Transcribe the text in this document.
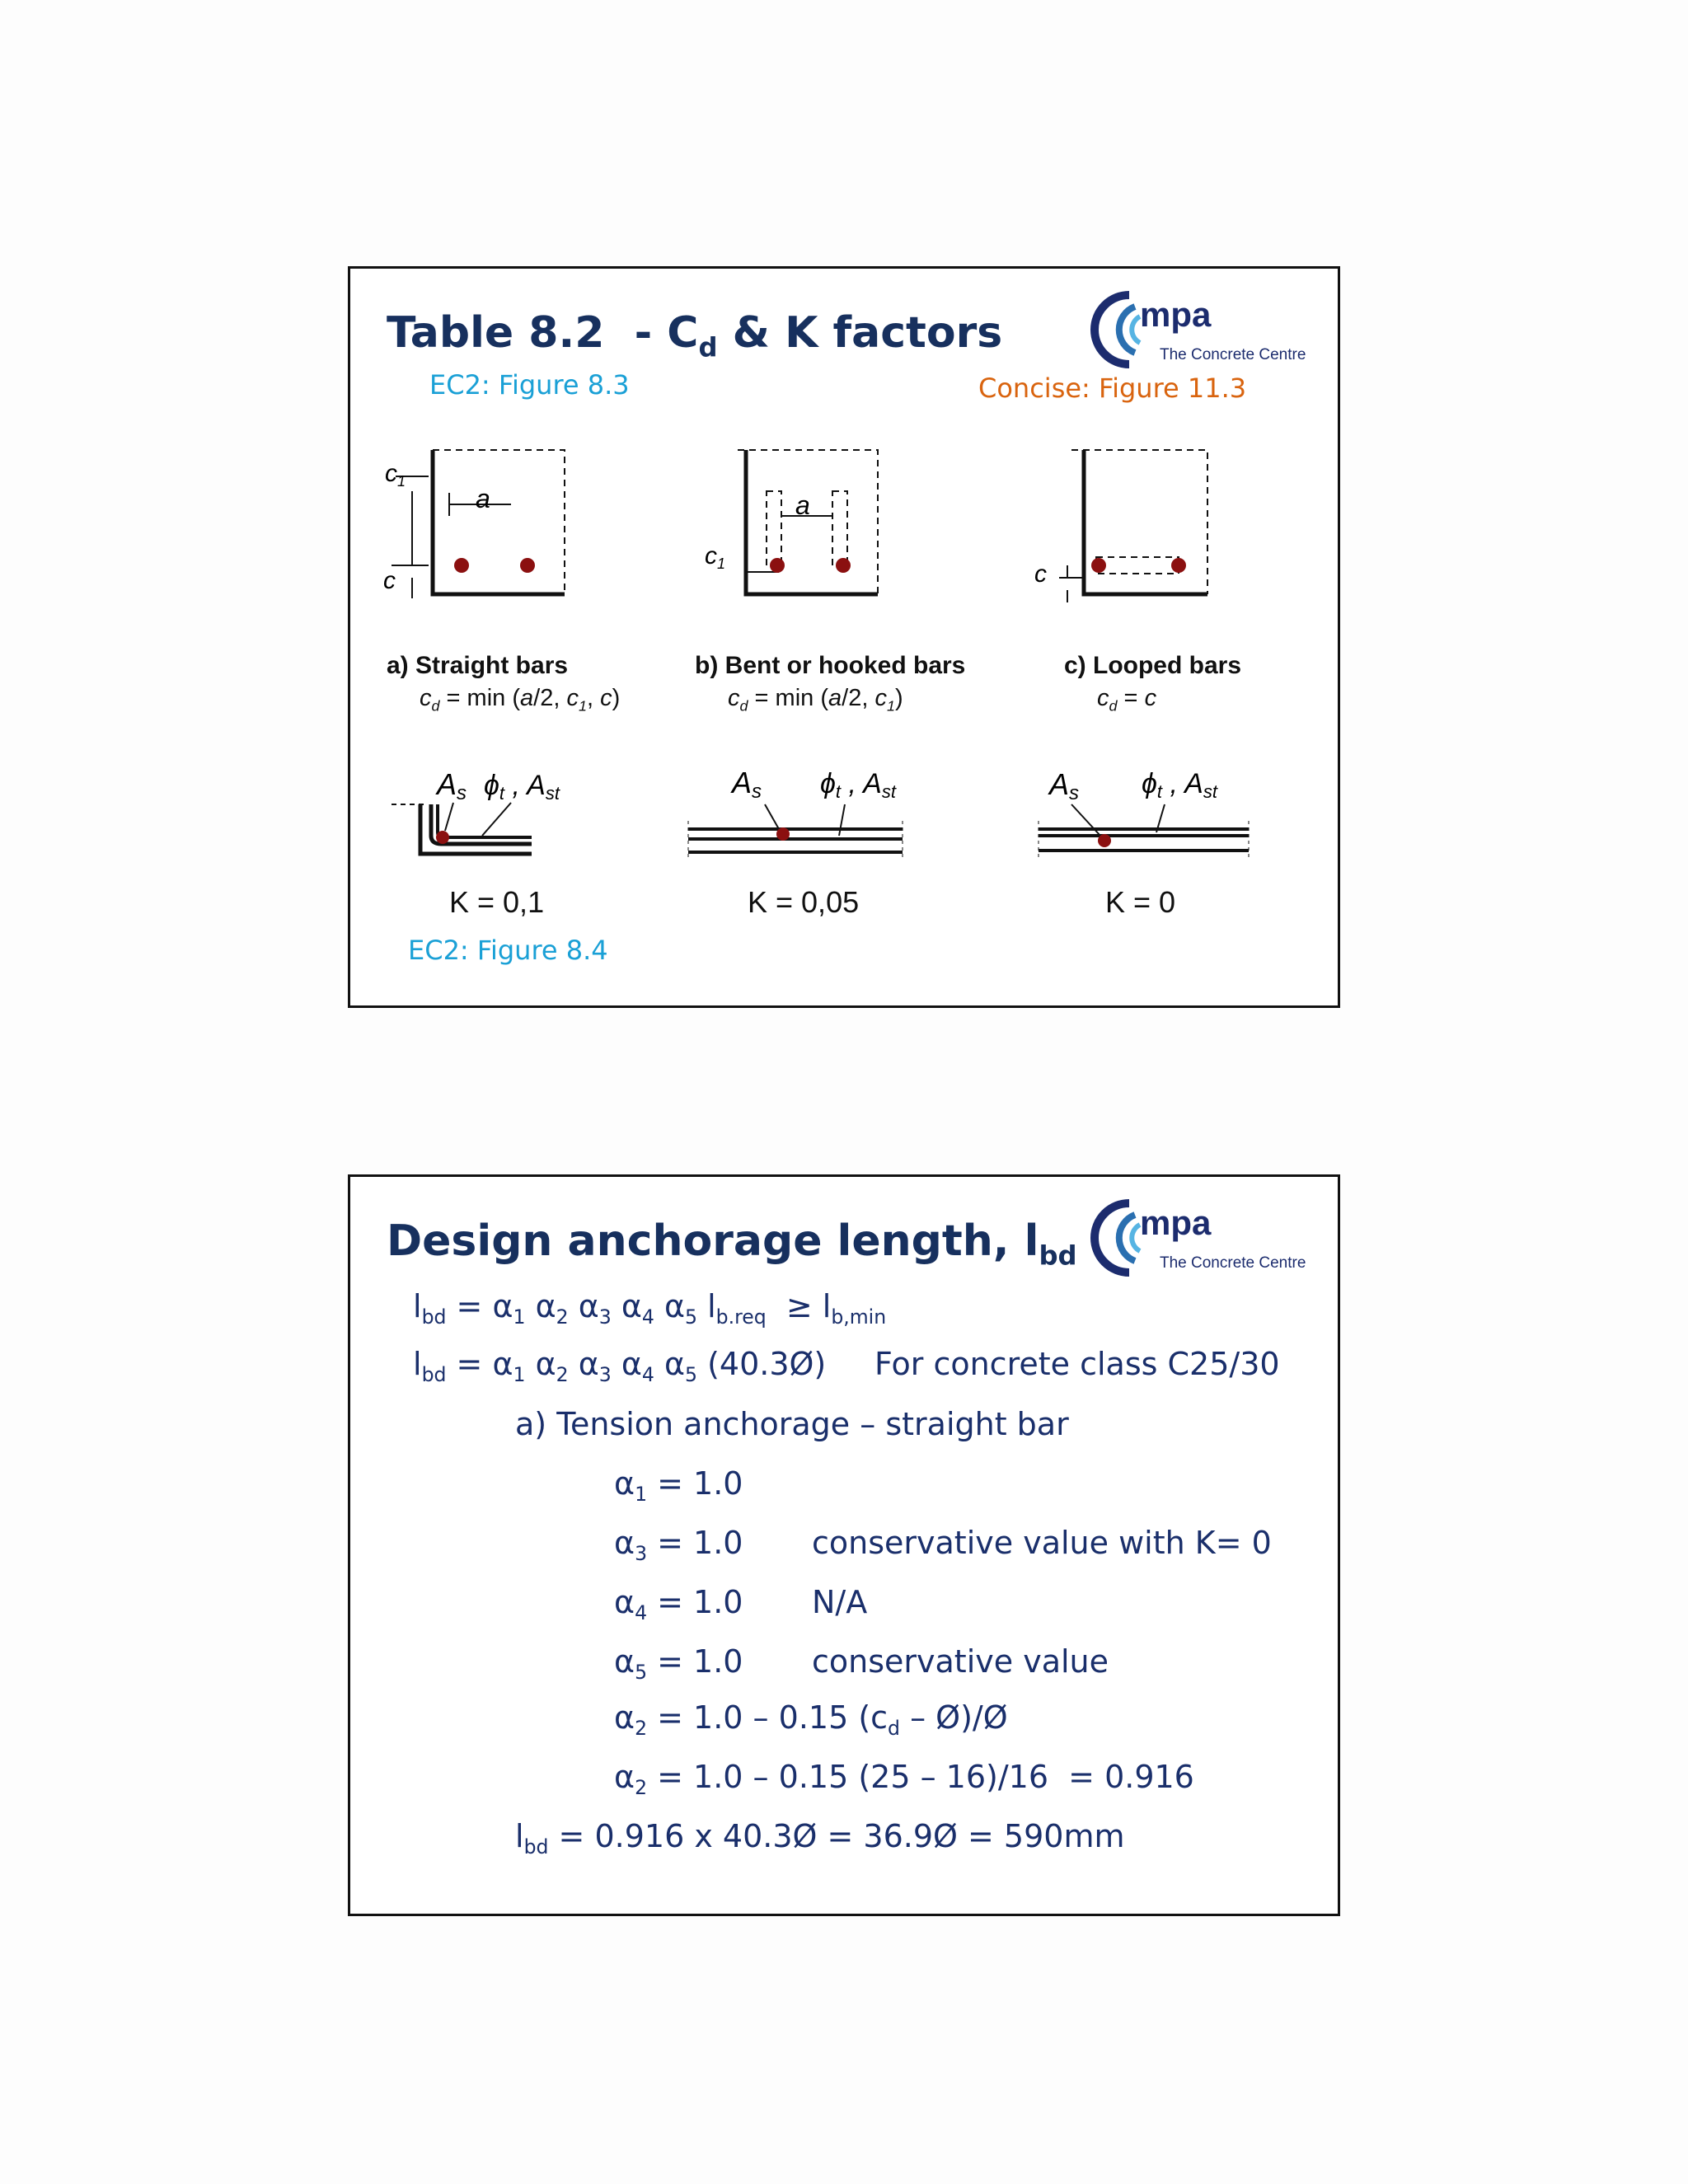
Table $8.2 - C_d$ & K factors
EC2: Figure 8.3	Concise: Figure 11.3
mpa
The Concrete Centre
$c_1$
c
a	a
$c_1$	c
a) Straight bars
$c_d = \min (a/2$, $c_1$, c)
b) Bent or hooked bars
$c_d = \min (a/2$, $c_1$)
c) Looped bars
$c_d = c$
As ϕt , Ast	As ϕt , Ast	As ϕt , Ast
K = 0,1	K = 0,05	K = 0
EC2: Figure 8.4
Design anchorage length, $l_{bd}$
mpa
The Concrete Centre
$l_{bd} = \alpha_1$ $\alpha_2$ $\alpha_3$ $\alpha_4$ $\alpha_5$ $l_{b.req} \ge l_{b,min}$
$l_{bd} = \alpha_1$ $\alpha_2$ $\alpha_3$ $\alpha_4$ $\alpha_5$ (40.3Ø) For concrete class C25/30
a) Tension anchorage – straight bar
$\alpha_1 = 1.0$
$\alpha_3 = 1.0$ conservative value with K= 0
$\alpha_4 = 1.0$ N/A
$\alpha_5 = 1.0$ conservative value
$\alpha_2 = 1.0 - 0.15$ ($c_d$ – Ø)/Ø
$\alpha_2 = 1.0 - 0.15$ (25 – 16)/16  = 0.916
$l_{bd} = 0.916$ x 40.3Ø = 36.9Ø = 590mm
